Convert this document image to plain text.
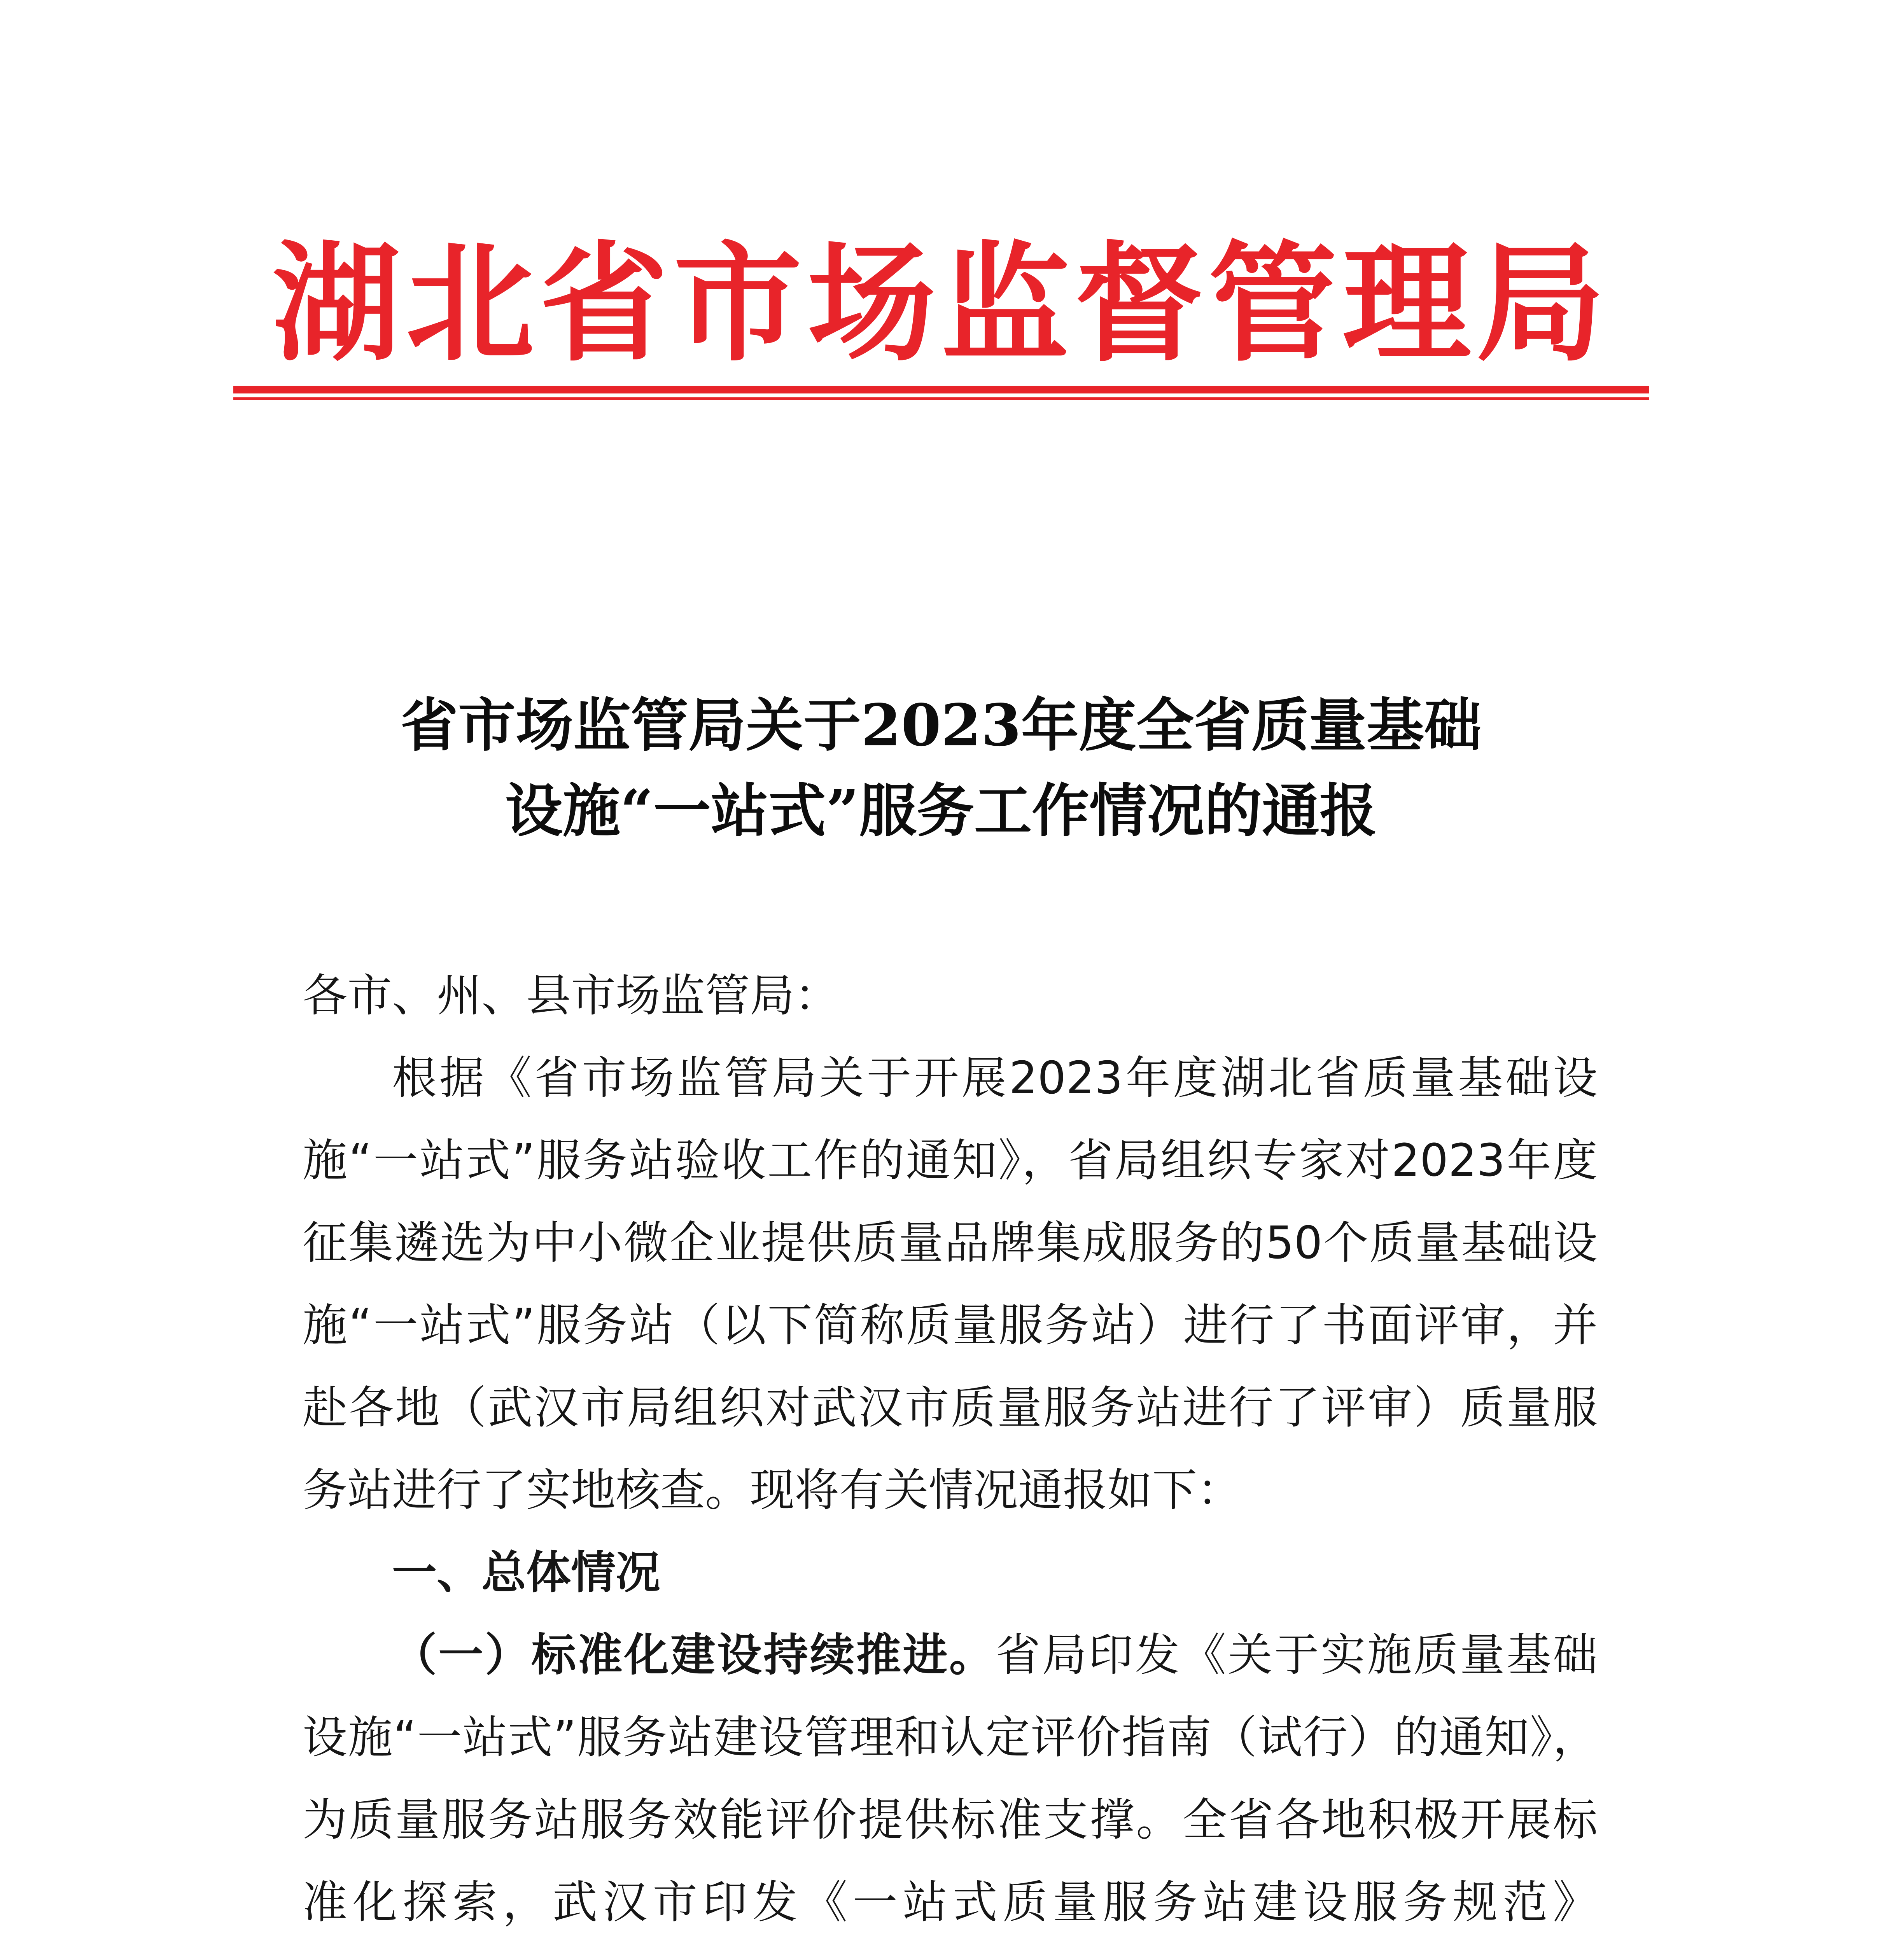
湖北省市场监督管理局
省市场监管局关于2023年度全省质量基础
设施“一站式”服务工作情况的通报

各市、州、县市场监管局：

根据《省市场监管局关于开展2023年度湖北省质量基础设施“一站式”服务站验收工作的通知》，省局组织专家对2023年度征集遴选为中小微企业提供质量品牌集成服务的50个质量基础设施“一站式”服务站（以下简称质量服务站）进行了书面评审，并赴各地（武汉市局组织对武汉市质量服务站进行了评审）质量服务站进行了实地核查。现将有关情况通报如下：

一、总体情况

（一）标准化建设持续推进。省局印发《关于实施质量基础设施“一站式”服务站建设管理和认定评价指南（试行）的通知》，为质量服务站服务效能评价提供标准支撑。全省各地积极开展标准化探索，武汉市印发《一站式质量服务站建设服务规范》
